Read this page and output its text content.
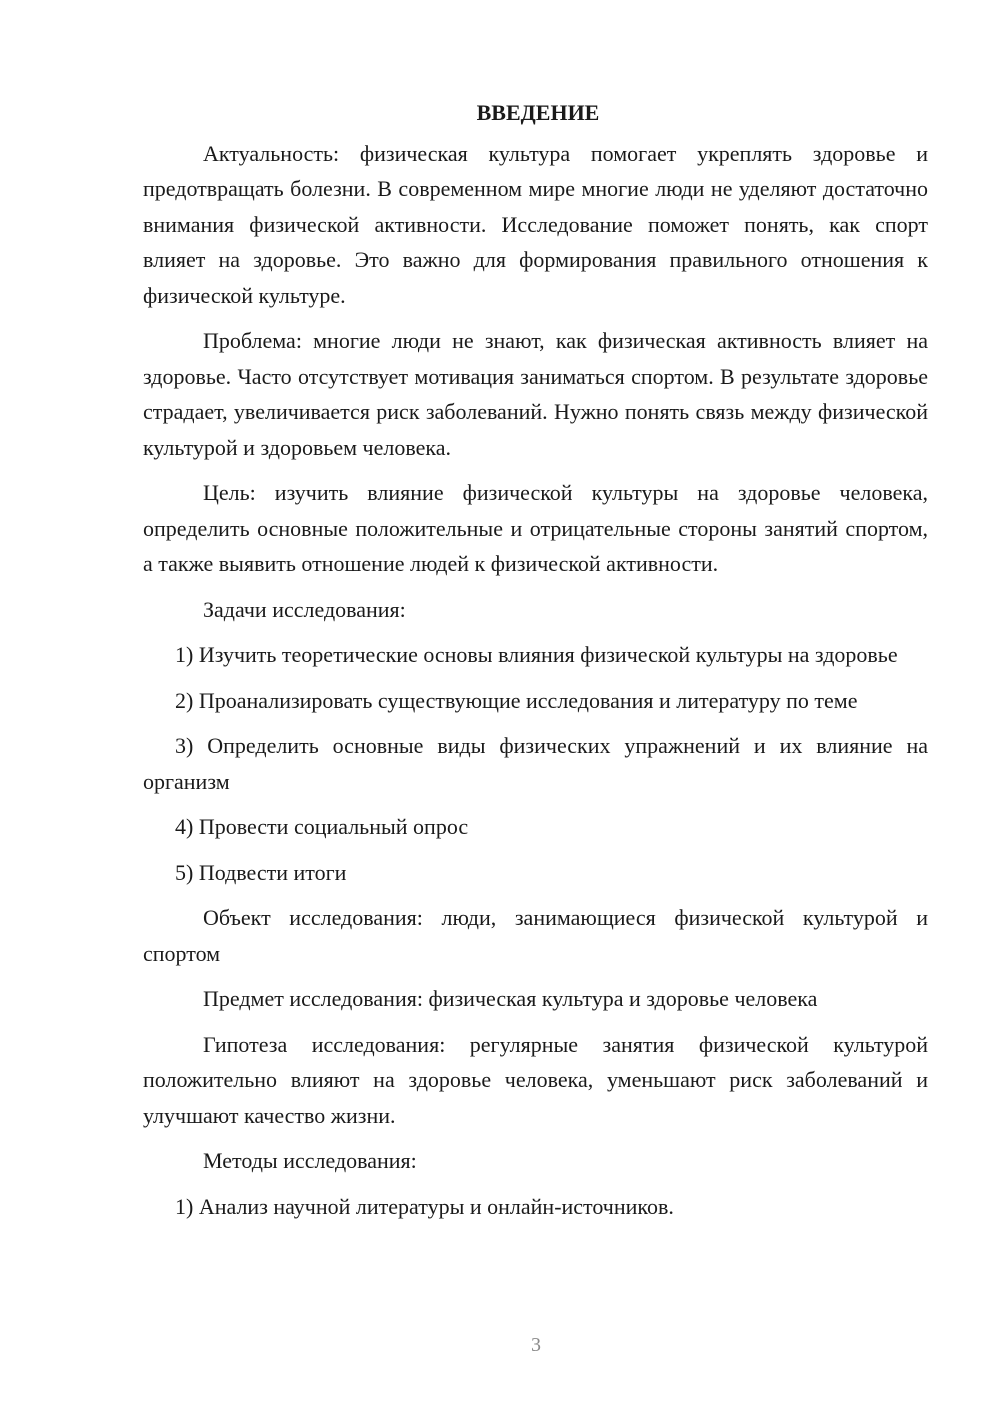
ВВЕДЕНИЕ

Актуальность: физическая культура помогает укреплять здоровье и предотвращать болезни. В современном мире многие люди не уделяют достаточно внимания физической активности. Исследование поможет понять, как спорт влияет на здоровье. Это важно для формирования правильного отношения к физической культуре.

Проблема: многие люди не знают, как физическая активность влияет на здоровье. Часто отсутствует мотивация заниматься спортом. В результате здоровье страдает, увеличивается риск заболеваний. Нужно понять связь между физической культурой и здоровьем человека.

Цель: изучить влияние физической культуры на здоровье человека, определить основные положительные и отрицательные стороны занятий спортом, а также выявить отношение людей к физической активности.

Задачи исследования:

1) Изучить теоретические основы влияния физической культуры на здоровье

2) Проанализировать существующие исследования и литературу по теме

3) Определить основные виды физических упражнений и их влияние на организм

4) Провести социальный опрос

5) Подвести итоги

Объект исследования: люди, занимающиеся физической культурой и спортом

Предмет исследования: физическая культура и здоровье человека

Гипотеза исследования: регулярные занятия физической культурой положительно влияют на здоровье человека, уменьшают риск заболеваний и улучшают качество жизни.

Методы исследования:

1) Анализ научной литературы и онлайн-источников.

3
